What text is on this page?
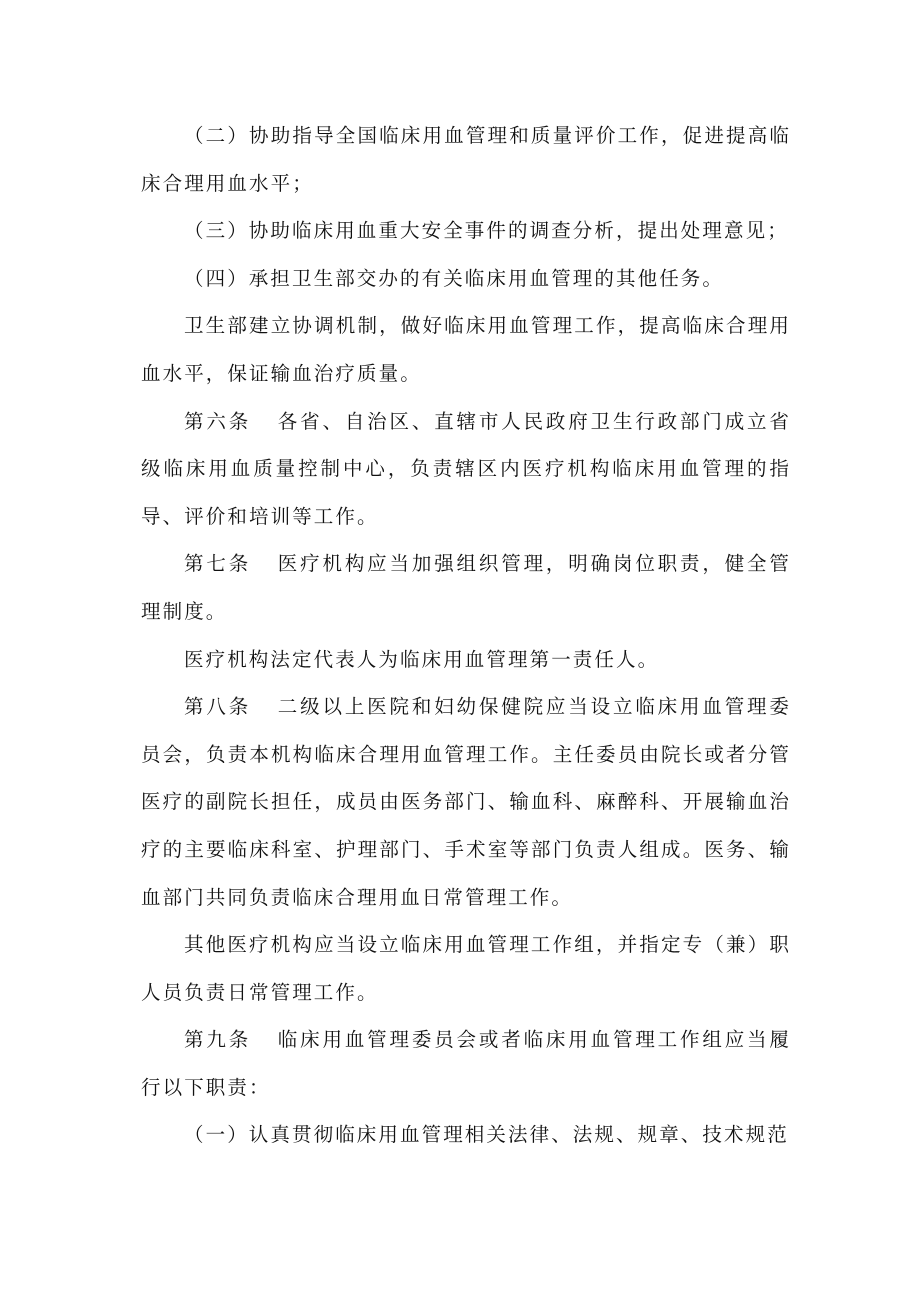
（二）协助指导全国临床用血管理和质量评价工作，促进提高临床合理用血水平；

（三）协助临床用血重大安全事件的调查分析，提出处理意见；

（四）承担卫生部交办的有关临床用血管理的其他任务。

卫生部建立协调机制，做好临床用血管理工作，提高临床合理用血水平，保证输血治疗质量。

第六条 各省、自治区、直辖市人民政府卫生行政部门成立省级临床用血质量控制中心，负责辖区内医疗机构临床用血管理的指导、评价和培训等工作。

第七条 医疗机构应当加强组织管理，明确岗位职责，健全管理制度。

医疗机构法定代表人为临床用血管理第一责任人。

第八条 二级以上医院和妇幼保健院应当设立临床用血管理委员会，负责本机构临床合理用血管理工作。主任委员由院长或者分管医疗的副院长担任，成员由医务部门、输血科、麻醉科、开展输血治疗的主要临床科室、护理部门、手术室等部门负责人组成。医务、输血部门共同负责临床合理用血日常管理工作。

其他医疗机构应当设立临床用血管理工作组，并指定专（兼）职人员负责日常管理工作。

第九条 临床用血管理委员会或者临床用血管理工作组应当履行以下职责：

（一）认真贯彻临床用血管理相关法律、法规、规章、技术规范
